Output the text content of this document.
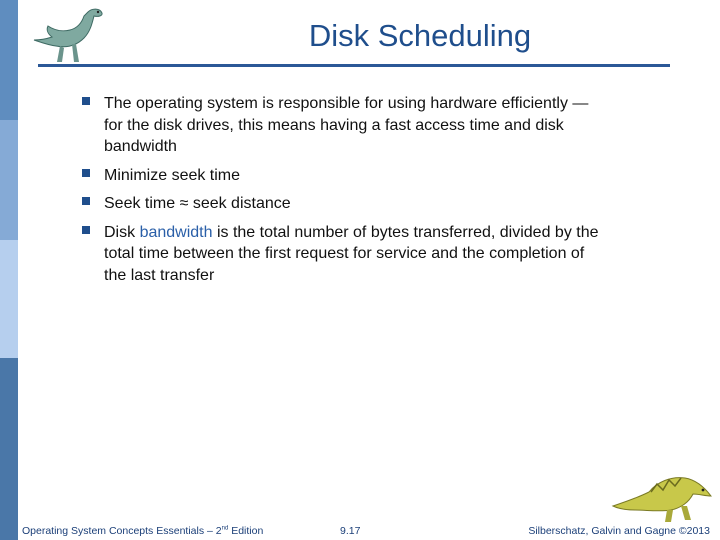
Disk Scheduling
The operating system is responsible for using hardware efficiently — for the disk drives, this means having a fast access time and disk bandwidth
Minimize seek time
Seek time ≈ seek distance
Disk bandwidth is the total number of bytes transferred, divided by the total time between the first request for service and the completion of the last transfer
Operating System Concepts Essentials – 2nd Edition	9.17	Silberschatz, Galvin and Gagne ©2013
